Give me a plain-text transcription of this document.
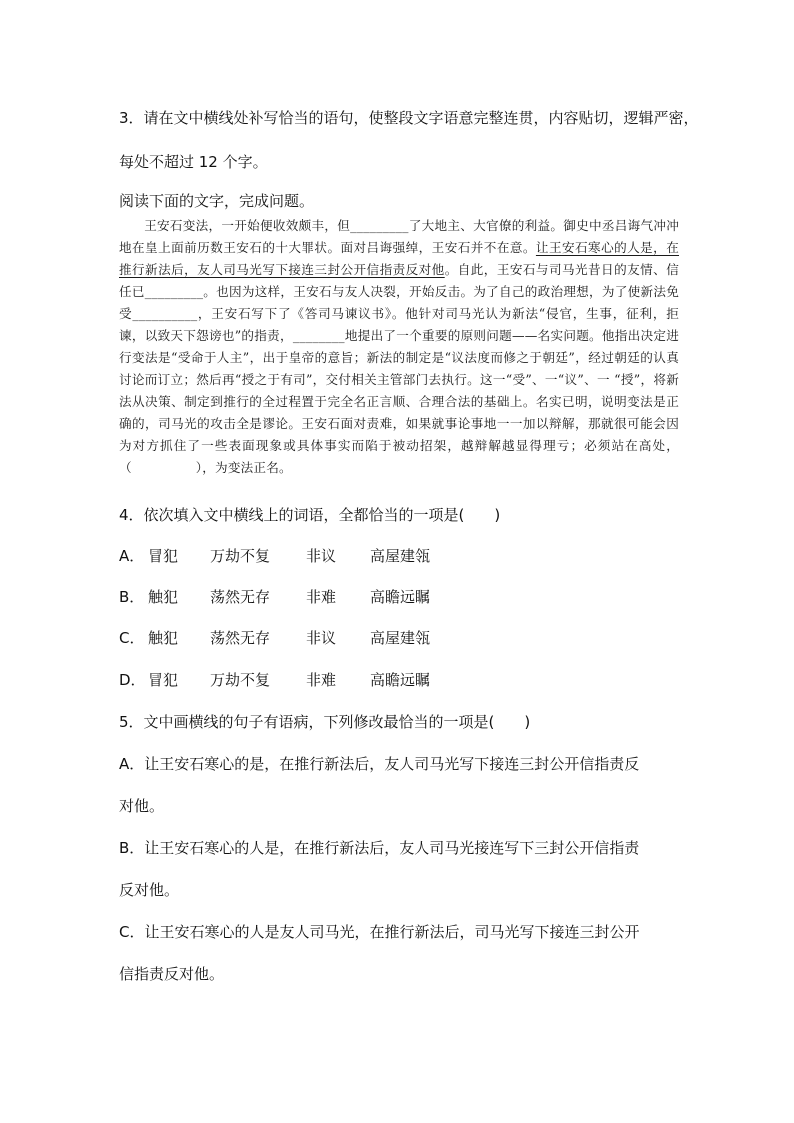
3．请在文中横线处补写恰当的语句，使整段文字语意完整连贯，内容贴切，逻辑严密，
每处不超过 12 个字。
阅读下面的文字，完成问题。
王安石变法，一开始便收效颇丰，但_________了大地主、大官僚的利益。御史中丞吕诲气冲冲地在皇上面前历数王安石的十大罪状。面对吕诲强绰，王安石并不在意。让王安石寒心的人是，在推行新法后，友人司马光写下接连三封公开信指责反对他。自此，王安石与司马光昔日的友情、信任已_________。也因为这样，王安石与友人决裂，开始反击。为了自己的政治理想，为了使新法免受__________，王安石写下了《答司马谏议书》。他针对司马光认为新法“侵官，生事，征利，拒谏，以致天下怨谤也”的指责，________地提出了一个重要的原则问题——名实问题。他指出决定进行变法是“受命于人主”，出于皇帝的意旨；新法的制定是“议法度而修之于朝廷”，经过朝廷的认真讨论而订立；然后再“授之于有司”，交付相关主管部门去执行。这一“受”、一“议”、一 “授”，将新法从决策、制定到推行的全过程置于完全名正言顺、合理合法的基础上。名实已明，说明变法是正确的，司马光的攻击全是谬论。王安石面对责难，如果就事论事地一一加以辩解，那就很可能会因为对方抓住了一些表面现象或具体事实而陷于被动招架，越辩解越显得理亏；必须站在高处，（　　　　　），为变法正名。
4．依次填入文中横线上的词语，全都恰当的一项是(　　)
A． 冒犯 万劫不复 非议 高屋建瓴
B． 触犯 荡然无存 非难 高瞻远瞩
C． 触犯 荡然无存 非议 高屋建瓴
D． 冒犯 万劫不复 非难 高瞻远瞩
5．文中画横线的句子有语病，下列修改最恰当的一项是(　　)
A．让王安石寒心的是，在推行新法后，友人司马光写下接连三封公开信指责反
对他。
B．让王安石寒心的人是，在推行新法后，友人司马光接连写下三封公开信指责
反对他。
C．让王安石寒心的人是友人司马光，在推行新法后，司马光写下接连三封公开
信指责反对他。
